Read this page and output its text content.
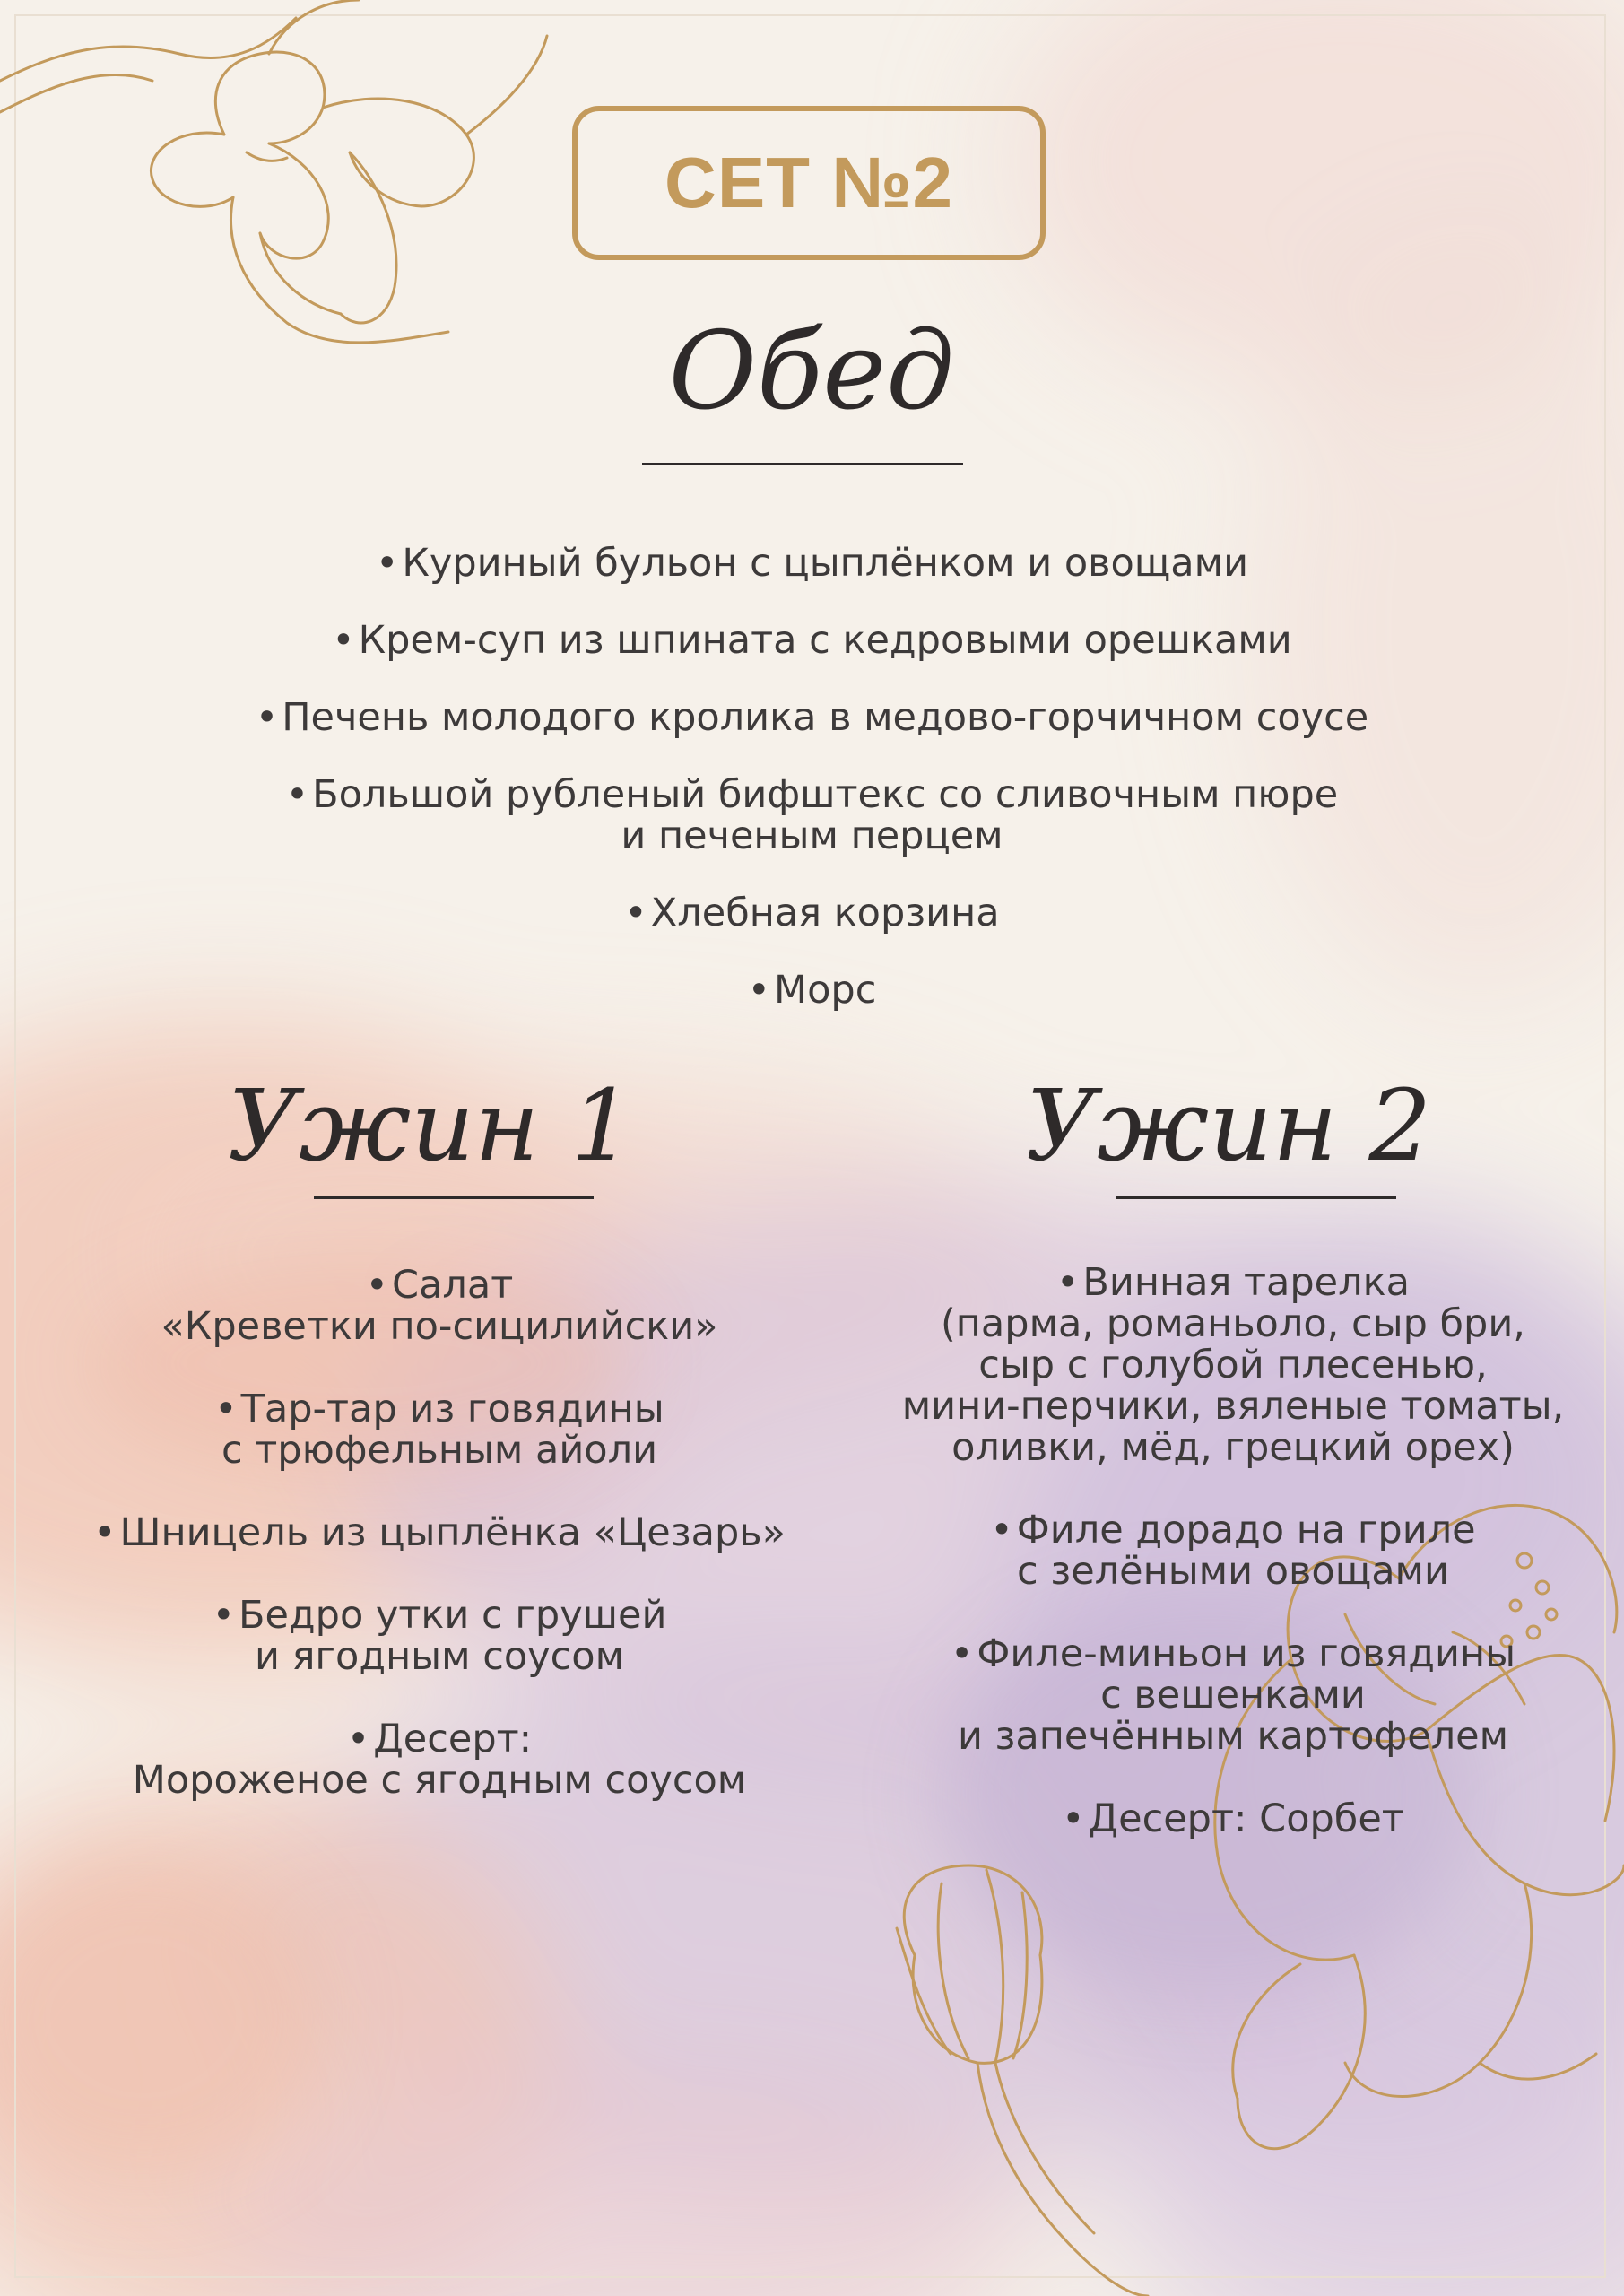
СЕТ №2
Обед
•Куриный бульон с цыплёнком и овощами
•Крем-суп из шпината с кедровыми орешками
•Печень молодого кролика в медово-горчичном соусе
•Большой рубленый бифштекс со сливочным пюре
и печеным перцем
•Хлебная корзина
•Морс
Ужин 1
•Салат
«Креветки по-сицилийски»
•Тар-тар из говядины
с трюфельным айоли
•Шницель из цыплёнка «Цезарь»
•Бедро утки с грушей
и ягодным соусом
•Десерт:
Мороженое с ягодным соусом
Ужин 2
•Винная тарелка
(парма, романьоло, сыр бри,
сыр с голубой плесенью,
мини-перчики, вяленые томаты,
оливки, мёд, грецкий орех)
•Филе дорадо на гриле
с зелёными овощами
•Филе-миньон из говядины
с вешенками
и запечённым картофелем
•Десерт: Сорбет
